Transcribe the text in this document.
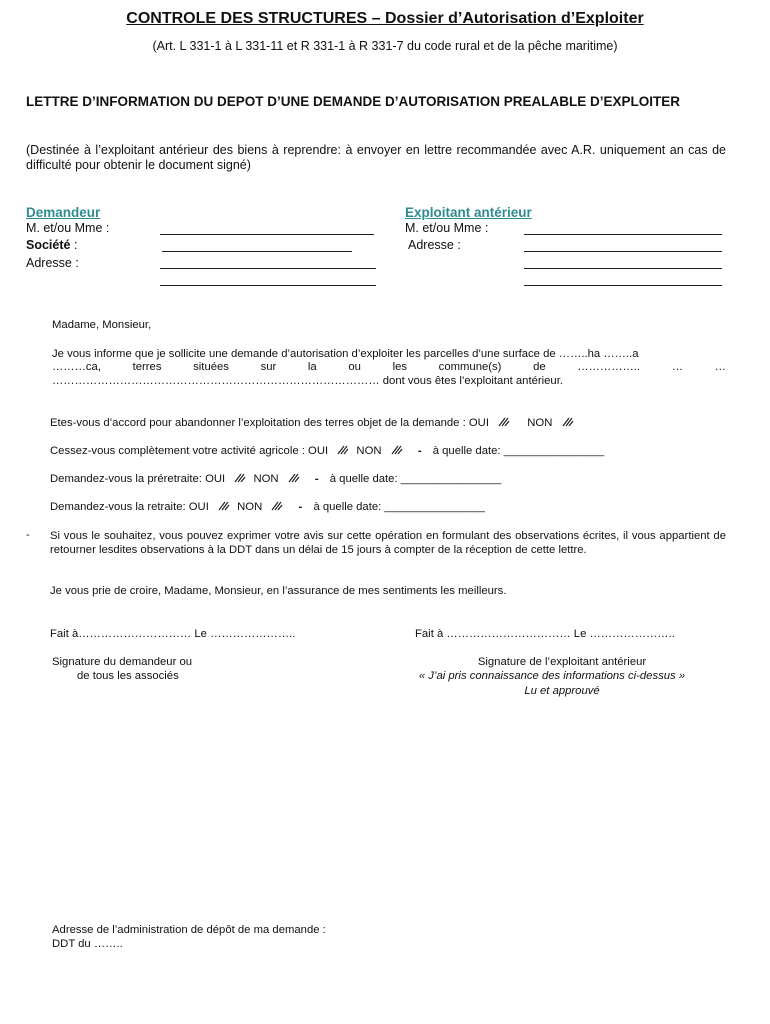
CONTROLE DES STRUCTURES – Dossier d’Autorisation d’Exploiter
(Art. L 331-1 à L 331-11 et R 331-1 à R 331-7 du code rural et de la pêche maritime)
LETTRE D’INFORMATION DU DEPOT D’UNE DEMANDE D’AUTORISATION PREALABLE D’EXPLOITER
(Destinée à l’exploitant antérieur des biens à reprendre: à envoyer en lettre recommandée avec A.R. uniquement an cas de difficulté pour obtenir le document signé)
Demandeur
M. et/ou Mme :
Société :
Adresse :
Exploitant antérieur
M. et/ou Mme :
Adresse :
Madame, Monsieur,
Je vous informe que je sollicite une demande d’autorisation d’exploiter les parcelles d’une surface de ……..ha ……..a
………ca,	terres	situées	sur	la	ou	les	commune(s)	de	……………..	…	…
…………………………………………………………………………… dont vous êtes l’exploitant antérieur.
Etes-vous d’accord pour abandonner l’exploitation des terres objet de la demande : OUI	NON
Cessez-vous complètement votre activité agricole : OUI	NON	- à quelle date: ________________
Demandez-vous la préretraite: OUI	NON	- à quelle date: ________________
Demandez-vous la retraite: OUI	NON	- à quelle date: ________________
- Si vous le souhaitez, vous pouvez exprimer votre avis sur cette opération en formulant des observations écrites, il vous appartient de retourner lesdites observations à la DDT dans un délai de 15 jours à compter de la réception de cette lettre.
Je vous prie de croire, Madame, Monsieur, en l’assurance de mes sentiments les meilleurs.
Fait à………………………… Le …………………..	Fait à …………………………… Le …………………..
Signature du demandeur ou
de tous les associés
Signature de l’exploitant antérieur
« J’ai pris connaissance des informations ci-dessus »
Lu et approuvé
Adresse de l’administration de dépôt de ma demande :
DDT du ……..
